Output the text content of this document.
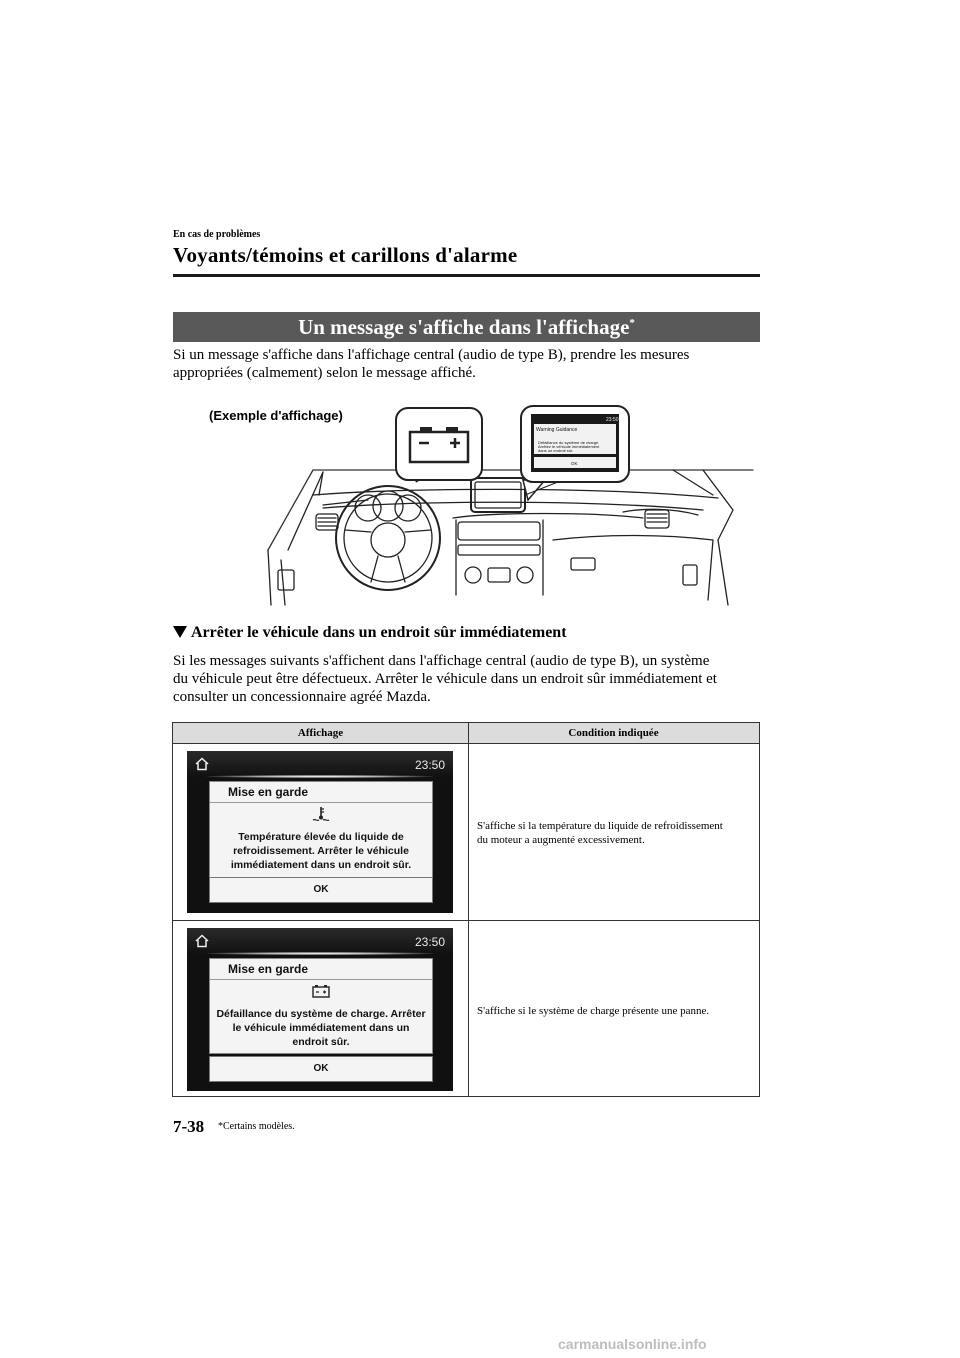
En cas de problèmes
Voyants/témoins et carillons d'alarme
Un message s'affiche dans l'affichage*
Si un message s'affiche dans l'affichage central (audio de type B), prendre les mesures
appropriées (calmement) selon le message affiché.
Warning Guidance
23:50
Défaillance du système de charge.
Arrêtez le véhicule immédiatement
dans un endroit sûr.
OK
(Exemple d'affichage)
Arrêter le véhicule dans un endroit sûr immédiatement
Si les messages suivants s'affichent dans l'affichage central (audio de type B), un système
du véhicule peut être défectueux. Arrêter le véhicule dans un endroit sûr immédiatement et
consulter un concessionnaire agréé Mazda.
Affichage	Condition indiquée
23:50
Mise en garde
Température élevée du liquide de
refroidissement. Arrêter le véhicule
immédiatement dans un endroit sûr.
OK
S'affiche si la température du liquide de refroidissement
du moteur a augmenté excessivement.
23:50
Mise en garde
Défaillance du système de charge. Arrêter
le véhicule immédiatement dans un
endroit sûr.
OK
S'affiche si le système de charge présente une panne.
7-38 *Certains modèles.
carmanualsonline.info
